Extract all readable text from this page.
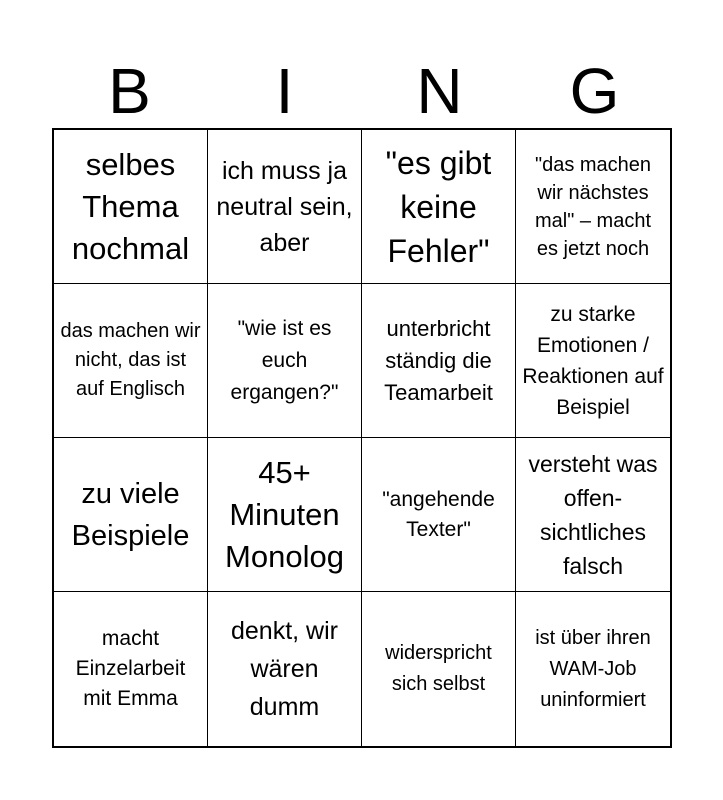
B	I	N	G
selbes Thema nochmal
ich muss ja neutral sein, aber
"es gibt keine Fehler"
"das machen wir nächstes mal" – macht es jetzt noch
das machen wir nicht, das ist auf Englisch
"wie ist es euch ergangen?"
unterbricht ständig die Teamarbeit
zu starke Emotionen / Reaktionen auf Beispiel
zu viele Beispiele
45+ Minuten Monolog
"angehende Texter"
versteht was offen-sichtliches falsch
macht Einzelarbeit mit Emma
denkt, wir wären dumm
widerspricht sich selbst
ist über ihren WAM-Job uninformiert
